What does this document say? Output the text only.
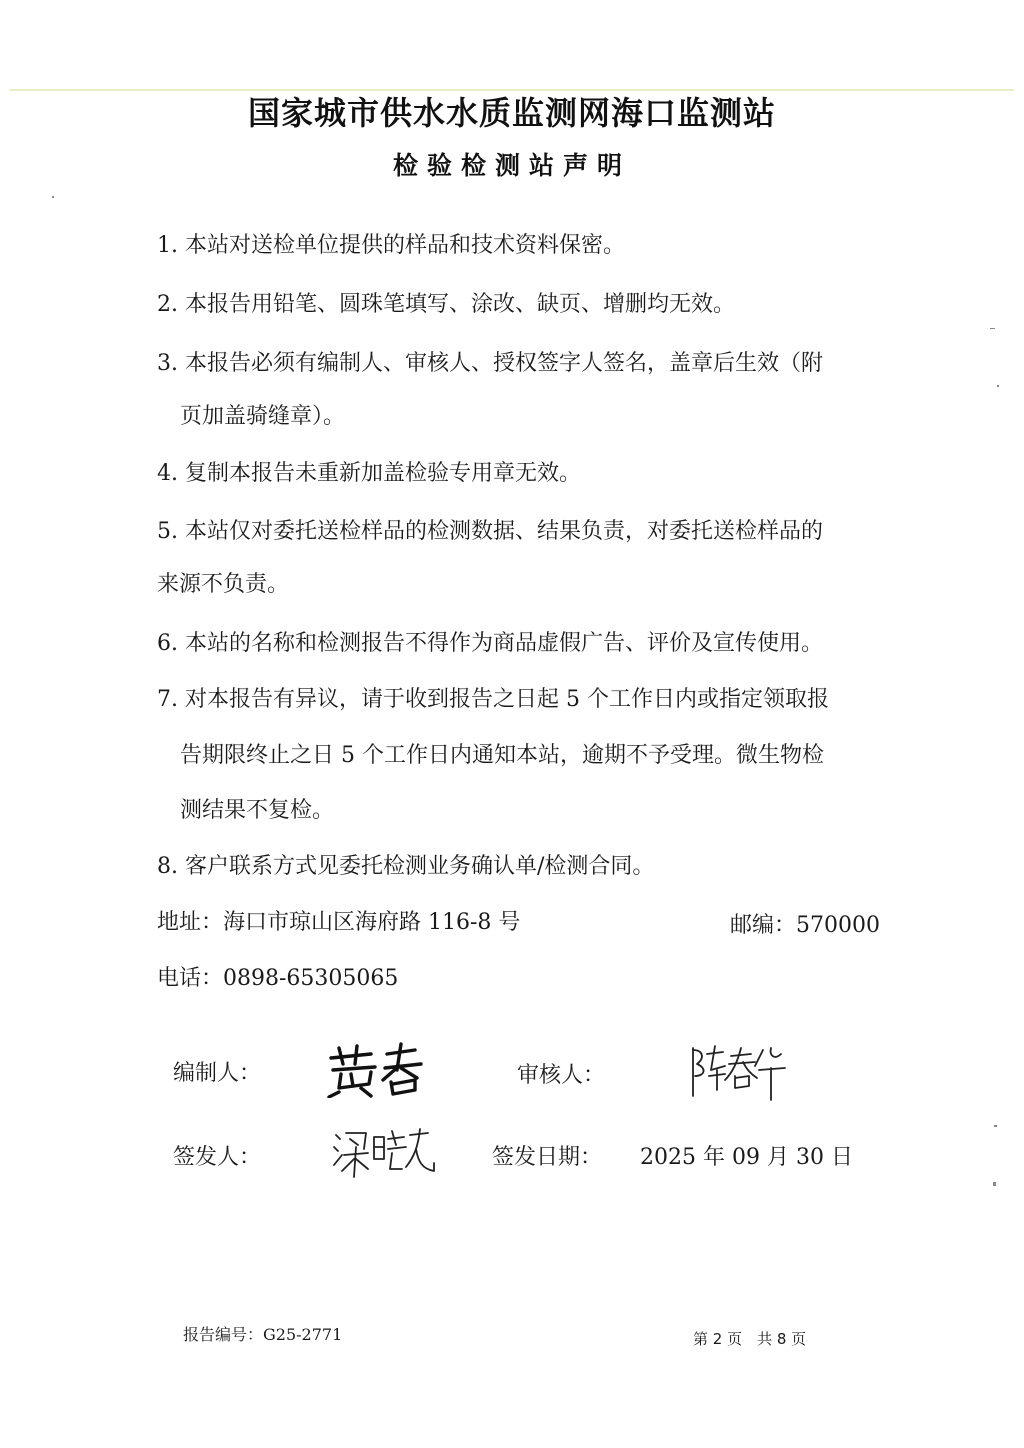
国家城市供水水质监测网海口监测站
检验检测站声明
1. 本站对送检单位提供的样品和技术资料保密。
2. 本报告用铅笔、圆珠笔填写、涂改、缺页、增删均无效。
3. 本报告必须有编制人、审核人、授权签字人签名，盖章后生效（附
页加盖骑缝章）。
4. 复制本报告未重新加盖检验专用章无效。
5. 本站仅对委托送检样品的检测数据、结果负责，对委托送检样品的
来源不负责。
6. 本站的名称和检测报告不得作为商品虚假广告、评价及宣传使用。
7. 对本报告有异议，请于收到报告之日起 5 个工作日内或指定领取报
告期限终止之日 5 个工作日内通知本站，逾期不予受理。微生物检
测结果不复检。
8. 客户联系方式见委托检测业务确认单/检测合同。
地址：海口市琼山区海府路 116-8 号	邮编：570000
电话：0898-65305065
编制人：	审核人：
签发人：	签发日期： 2025 年 09 月 30 日
报告编号：G25-2771	第 2 页　共 8 页
